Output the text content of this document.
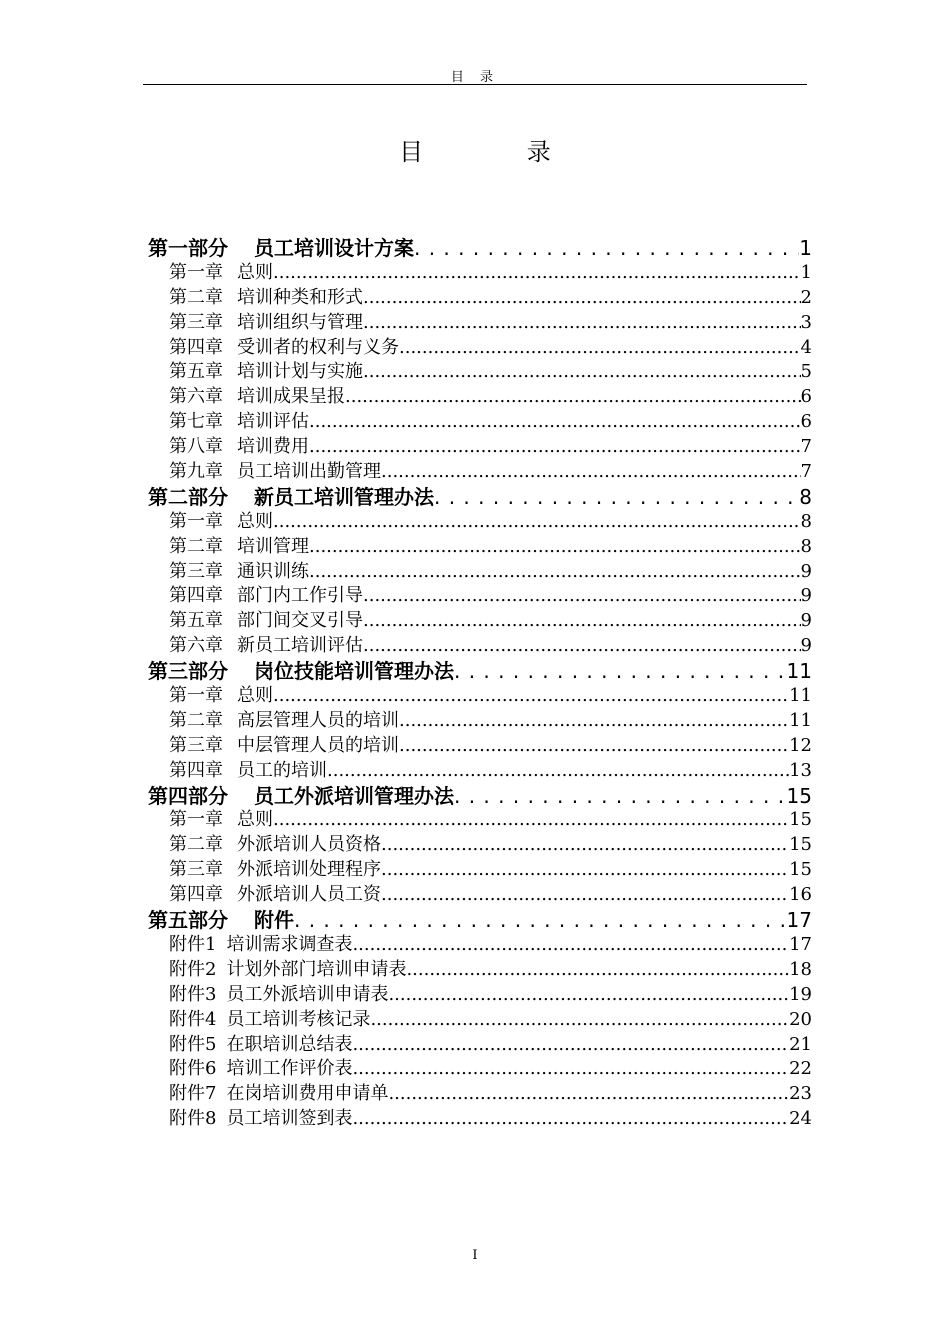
目 录
目 录
第一部分 员工培训设计方案 . . .	1
第一章 总则 .....	1
第二章 培训种类和形式 .....	2
第三章 培训组织与管理 .....	3
第四章 受训者的权利与义务 .....	4
第五章 培训计划与实施 .....	5
第六章 培训成果呈报 .....	6
第七章 培训评估 .....	6
第八章 培训费用 .....	7
第九章 员工培训出勤管理 .....	7
第二部分 新员工培训管理办法 . . .	8
第一章 总则 .....	8
第二章 培训管理 .....	8
第三章 通识训练 .....	9
第四章 部门内工作引导 .....	9
第五章 部门间交叉引导 .....	9
第六章 新员工培训评估 .....	9
第三部分 岗位技能培训管理办法 . . .	11
第一章 总则 .....	11
第二章 高层管理人员的培训 .....	11
第三章 中层管理人员的培训 .....	12
第四章 员工的培训 .....	13
第四部分 员工外派培训管理办法 . . .	15
第一章 总则 .....	15
第二章 外派培训人员资格 .....	15
第三章 外派培训处理程序 .....	15
第四章 外派培训人员工资 .....	16
第五部分 附件 . . .	17
附件1 培训需求调查表 .....	17
附件2 计划外部门培训申请表 .....	18
附件3 员工外派培训申请表 .....	19
附件4 员工培训考核记录 .....	20
附件5 在职培训总结表 .....	21
附件6 培训工作评价表 .....	22
附件7 在岗培训费用申请单 .....	23
附件8 员工培训签到表 .....	24
I
